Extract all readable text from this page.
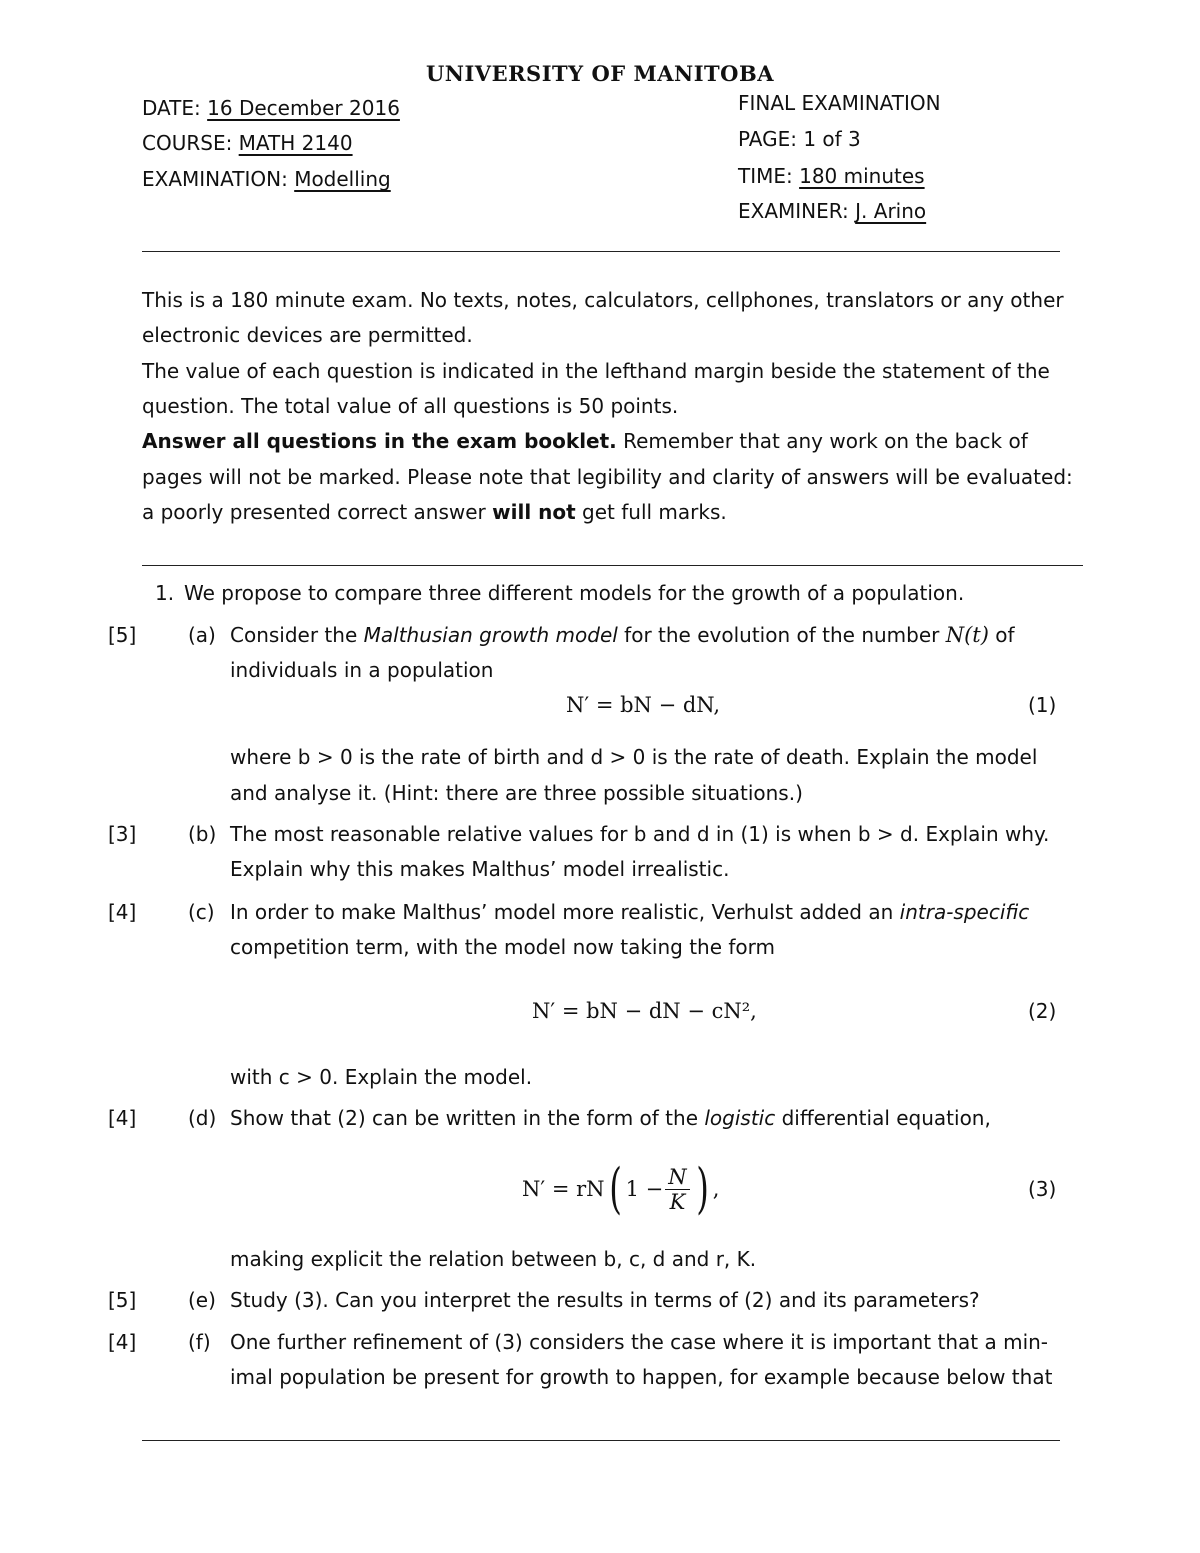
UNIVERSITY OF MANITOBA
DATE: 16 December 2016
COURSE: MATH 2140
EXAMINATION: Modelling
FINAL EXAMINATION
PAGE: 1 of 3
TIME: 180 minutes
EXAMINER: J. Arino
This is a 180 minute exam. No texts, notes, calculators, cellphones, translators or any other
electronic devices are permitted.
The value of each question is indicated in the lefthand margin beside the statement of the
question. The total value of all questions is 50 points.
Answer all questions in the exam booklet. Remember that any work on the back of
pages will not be marked. Please note that legibility and clarity of answers will be evaluated:
a poorly presented correct answer will not get full marks.
1. We propose to compare three different models for the growth of a population.
[5]	(a) Consider the Malthusian growth model for the evolution of the number N(t) of
individuals in a population
N′ = bN − dN,	(1)
where b > 0 is the rate of birth and d > 0 is the rate of death. Explain the model
and analyse it. (Hint: there are three possible situations.)
[3]	(b) The most reasonable relative values for b and d in (1) is when b > d. Explain why.
Explain why this makes Malthus’ model irrealistic.
[4]	(c) In order to make Malthus’ model more realistic, Verhulst added an intra-specific
competition term, with the model now taking the form
N′ = bN − dN − cN²,	(2)
with c > 0. Explain the model.
[4]	(d) Show that (2) can be written in the form of the logistic differential equation,
N′ = rN ( $1 - \frac{N}{K}$ ) ,	(3)
making explicit the relation between b, c, d and r, K.
[5]	(e) Study (3). Can you interpret the results in terms of (2) and its parameters?
[4]	(f) One further refinement of (3) considers the case where it is important that a min-
imal population be present for growth to happen, for example because below that
